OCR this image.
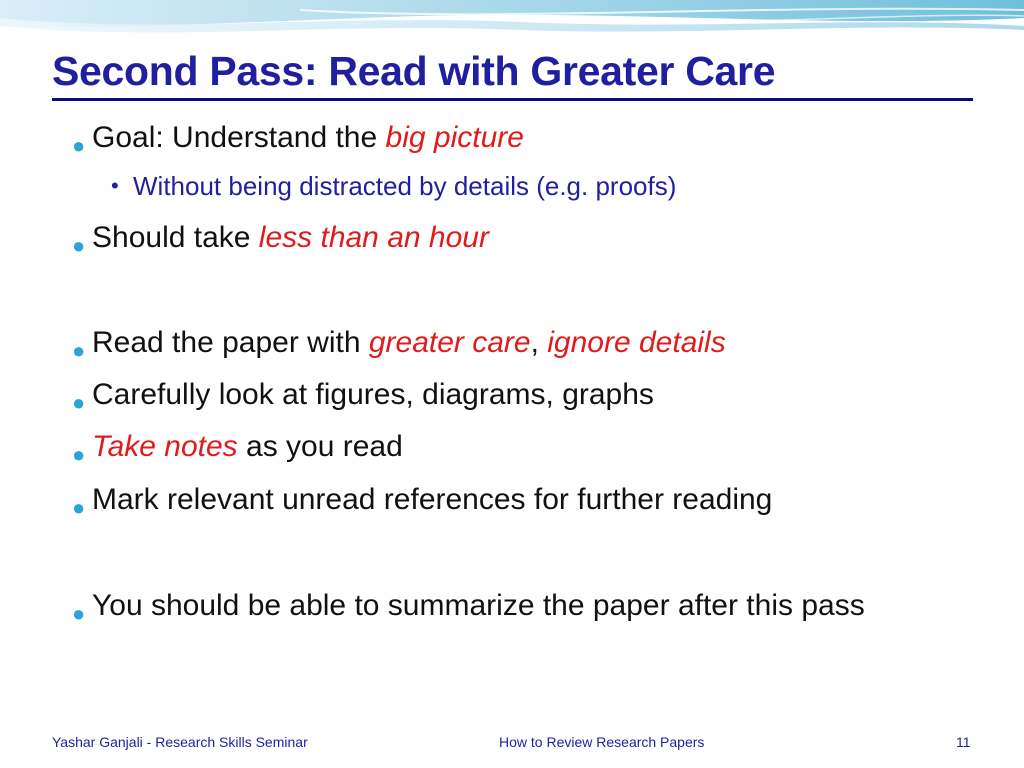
Second Pass: Read with Greater Care
● Goal: Understand the big picture
• Without being distracted by details (e.g. proofs)
● Should take less than an hour
● Read the paper with greater care, ignore details
● Carefully look at figures, diagrams, graphs
● Take notes as you read
● Mark relevant unread references for further reading
● You should be able to summarize the paper after this pass
Yashar Ganjali - Research Skills Seminar	How to Review Research Papers	11
